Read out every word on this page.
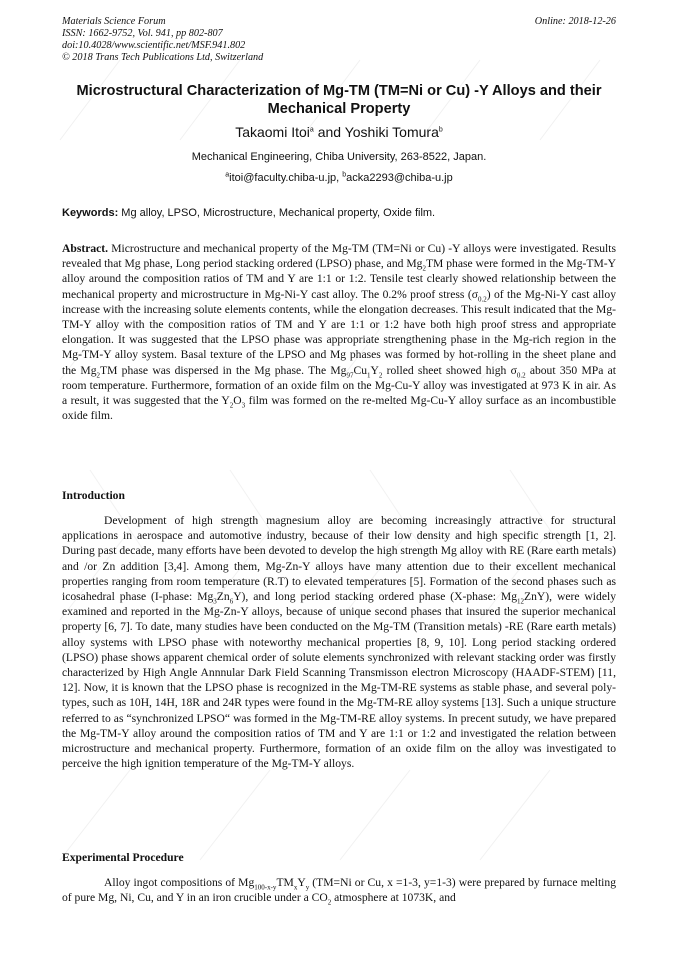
Materials Science Forum
ISSN: 1662-9752, Vol. 941, pp 802-807
doi:10.4028/www.scientific.net/MSF.941.802
© 2018 Trans Tech Publications Ltd, Switzerland
Online: 2018-12-26
Microstructural Characterization of Mg-TM (TM=Ni or Cu) -Y Alloys and their Mechanical Property
Takaomi Itoi$^a$ and Yoshiki Tomura$^b$
Mechanical Engineering, Chiba University, 263-8522, Japan.
$^a$itoi@faculty.chiba-u.jp, $^b$acka2293@chiba-u.jp
Keywords: Mg alloy, LPSO, Microstructure, Mechanical property, Oxide film.
Abstract. Microstructure and mechanical property of the Mg-TM (TM=Ni or Cu) -Y alloys were investigated. Results revealed that Mg phase, Long period stacking ordered (LPSO) phase, and $Mg_2TM$ phase were formed in the Mg-TM-Y alloy around the composition ratios of TM and Y are 1:1 or 1:2. Tensile test clearly showed relationship between the mechanical property and microstructure in Mg-Ni-Y cast alloy. The 0.2% proof stress $(\sigma_{0.2})$ of the Mg-Ni-Y cast alloy increase with the increasing solute elements contents, while the elongation decreases. This result indicated that the Mg-TM-Y alloy with the composition ratios of TM and Y are 1:1 or 1:2 have both high proof stress and appropriate elongation. It was suggested that the LPSO phase was appropriate strengthening phase in the Mg-rich region in the Mg-TM-Y alloy system. Basal texture of the LPSO and Mg phases was formed by hot-rolling in the sheet plane and the $Mg_2TM$ phase was dispersed in the Mg phase. The $Mg_{97}Cu_1Y_2$ rolled sheet showed high $\sigma_{0.2}$ about 350 MPa at room temperature. Furthermore, formation of an oxide film on the Mg-Cu-Y alloy was investigated at 973 K in air. As a result, it was suggested that the $Y_2O_3$ film was formed on the re-melted Mg-Cu-Y alloy surface as an incombustible oxide film.
Introduction
Development of high strength magnesium alloy are becoming increasingly attractive for structural applications in aerospace and automotive industry, because of their low density and high specific strength [1, 2]. During past decade, many efforts have been devoted to develop the high strength Mg alloy with RE (Rare earth metals) and /or Zn addition [3,4]. Among them, Mg-Zn-Y alloys have many attention due to their excellent mechanical properties ranging from room temperature (R.T) to elevated temperatures [5]. Formation of the second phases such as icosahedral phase (I-phase: $Mg_3Zn_6Y$), and long period stacking ordered phase (X-phase: $Mg_{12}ZnY$), were widely examined and reported in the Mg-Zn-Y alloys, because of unique second phases that insured the superior mechanical property [6, 7]. To date, many studies have been conducted on the Mg-TM (Transition metals) -RE (Rare earth metals) alloy systems with LPSO phase with noteworthy mechanical properties [8, 9, 10]. Long period stacking ordered (LPSO) phase shows apparent chemical order of solute elements synchronized with relevant stacking order was firstly characterized by High Angle Annnular Dark Field Scanning Transmisson electron Microscopy (HAADF-STEM) [11, 12]. Now, it is known that the LPSO phase is recognized in the Mg-TM-RE systems as stable phase, and several poly-types, such as 10H, 14H, 18R and 24R types were found in the Mg-TM-RE alloy systems [13]. Such a unique structure referred to as “synchronized LPSO“ was formed in the Mg-TM-RE alloy systems. In precent sutudy, we have prepared the Mg-TM-Y alloy around the composition ratios of TM and Y are 1:1 or 1:2 and investigated the relation between microstructure and mechanical property. Furthermore, formation of an oxide film on the alloy was investigated to perceive the high ignition temperature of the Mg-TM-Y alloys.
Experimental Procedure
Alloy ingot compositions of $Mg_{100-x-y}TM_xY_y$ (TM=Ni or Cu, x =1-3, y=1-3) were prepared by furnace melting of pure Mg, Ni, Cu, and Y in an iron crucible under a $CO_2$ atmosphere at 1073K, and
